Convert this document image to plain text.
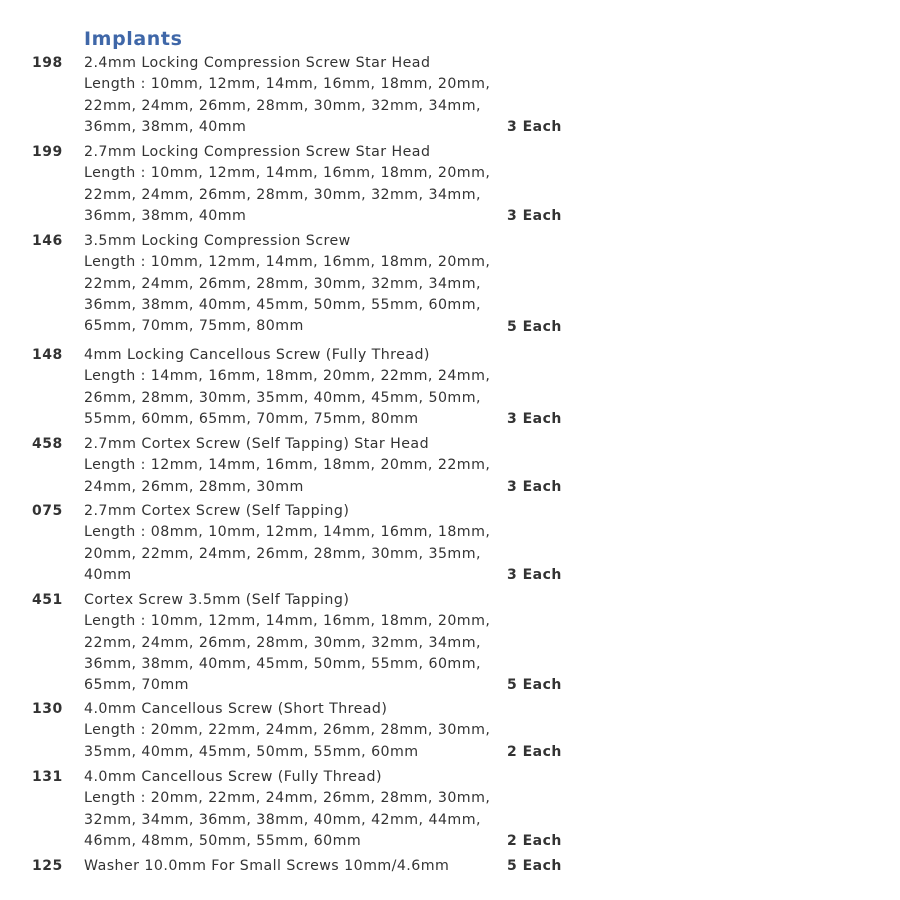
Implants
198	2.4mm Locking Compression Screw Star Head
Length : 10mm, 12mm, 14mm, 16mm, 18mm, 20mm,
22mm, 24mm, 26mm, 28mm, 30mm, 32mm, 34mm,
36mm, 38mm, 40mm	3 Each
199	2.7mm Locking Compression Screw Star Head
Length : 10mm, 12mm, 14mm, 16mm, 18mm, 20mm,
22mm, 24mm, 26mm, 28mm, 30mm, 32mm, 34mm,
36mm, 38mm, 40mm	3 Each
146	3.5mm Locking Compression Screw
Length : 10mm, 12mm, 14mm, 16mm, 18mm, 20mm,
22mm, 24mm, 26mm, 28mm, 30mm, 32mm, 34mm,
36mm, 38mm, 40mm, 45mm, 50mm, 55mm, 60mm,
65mm, 70mm, 75mm, 80mm	5 Each
148	4mm Locking Cancellous Screw (Fully Thread)
Length : 14mm, 16mm, 18mm, 20mm, 22mm, 24mm,
26mm, 28mm, 30mm, 35mm, 40mm, 45mm, 50mm,
55mm, 60mm, 65mm, 70mm, 75mm, 80mm	3 Each
458	2.7mm Cortex Screw (Self Tapping) Star Head
Length : 12mm, 14mm, 16mm, 18mm, 20mm, 22mm,
24mm, 26mm, 28mm, 30mm	3 Each
075	2.7mm Cortex Screw (Self Tapping)
Length : 08mm, 10mm, 12mm, 14mm, 16mm, 18mm,
20mm, 22mm, 24mm, 26mm, 28mm, 30mm, 35mm,
40mm	3 Each
451	Cortex Screw 3.5mm (Self Tapping)
Length : 10mm, 12mm, 14mm, 16mm, 18mm, 20mm,
22mm, 24mm, 26mm, 28mm, 30mm, 32mm, 34mm,
36mm, 38mm, 40mm, 45mm, 50mm, 55mm, 60mm,
65mm, 70mm	5 Each
130	4.0mm Cancellous Screw (Short Thread)
Length : 20mm, 22mm, 24mm, 26mm, 28mm, 30mm,
35mm, 40mm, 45mm, 50mm, 55mm, 60mm	2 Each
131	4.0mm Cancellous Screw (Fully Thread)
Length : 20mm, 22mm, 24mm, 26mm, 28mm, 30mm,
32mm, 34mm, 36mm, 38mm, 40mm, 42mm, 44mm,
46mm, 48mm, 50mm, 55mm, 60mm	2 Each
125	Washer 10.0mm For Small Screws 10mm/4.6mm	5 Each
